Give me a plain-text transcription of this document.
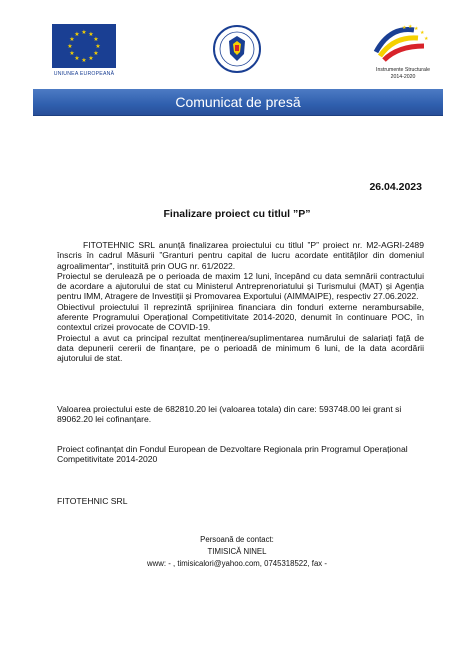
★ ★
★
★
★
★
★
★
★
★
★
★
UNIUNEA EUROPEANĂ
★
★
★
★
★
Instrumente Structurale
2014-2020
Comunicat de presă
26.04.2023
Finalizare proiect cu titlul ”P”
FITOTEHNIC SRL anunță finalizarea proiectului cu titlul ”P” proiect nr. M2-AGRI-2489 înscris în cadrul Măsurii ”Granturi pentru capital de lucru acordate entităților din domeniul agroalimentar”, instituită prin OUG nr. 61/2022.
Proiectul se derulează pe o perioada de maxim 12 luni, începând cu data semnării contractului de acordare a ajutorului de stat cu Ministerul Antreprenoriatului și Turismului (MAT) și Agenția pentru IMM, Atragere de Investiții și Promovarea Exportului (AIMMAIPE), respectiv 27.06.2022.
Obiectivul proiectului îl reprezintă sprijinirea financiara din fonduri externe nerambursabile, aferente Programului Operațional Competitivitate 2014-2020, denumit în continuare POC, în contextul crizei provocate de COVID-19.
Proiectul a avut ca principal rezultat menținerea/suplimentarea numărului de salariați față de data depunerii cererii de finanțare, pe o perioadă de minimum 6 luni, de la data acordării ajutorului de stat.
Valoarea proiectului este de 682810.20 lei (valoarea totala) din care: 593748.00 lei grant si 89062.20 lei cofinanțare.
Proiect cofinanțat din Fondul European de Dezvoltare Regionala prin Programul Operațional Competitivitate 2014-2020
FITOTEHNIC SRL
Persoană de contact:
TIMISICĂ NINEL
www: - , timisicalori@yahoo.com, 0745318522, fax -
